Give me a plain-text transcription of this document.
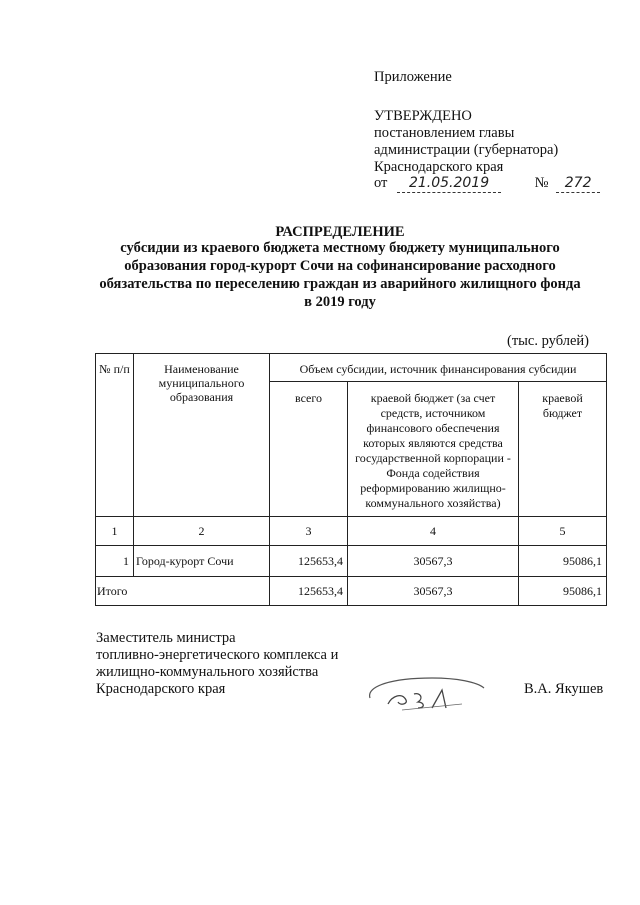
Приложение
УТВЕРЖДЕНО
постановлением главы
администрации (губернатора)
Краснодарского края
от 21.05.2019	№ 272
РАСПРЕДЕЛЕНИЕ
субсидии из краевого бюджета местному бюджету муниципального
образования город-курорт Сочи на софинансирование расходного
обязательства по переселению граждан из аварийного жилищного фонда
в 2019 году
(тыс. рублей)
№ п/п	Наименование муниципального образования	Объем субсидии, источник финансирования субсидии		
		всего	краевой бюджет (за счет средств, источником финансового обеспечения которых являются средства государственной корпорации - Фонда содействия реформированию жилищно-коммунального хозяйства)	краевой бюджет
1	2	3	4	5
1	Город-курорт Сочи	125653,4	30567,3	95086,1
Итого		125653,4	30567,3	95086,1
Заместитель министра
топливно-энергетического комплекса и
жилищно-коммунального хозяйства
Краснодарского края	В.А. Якушев
